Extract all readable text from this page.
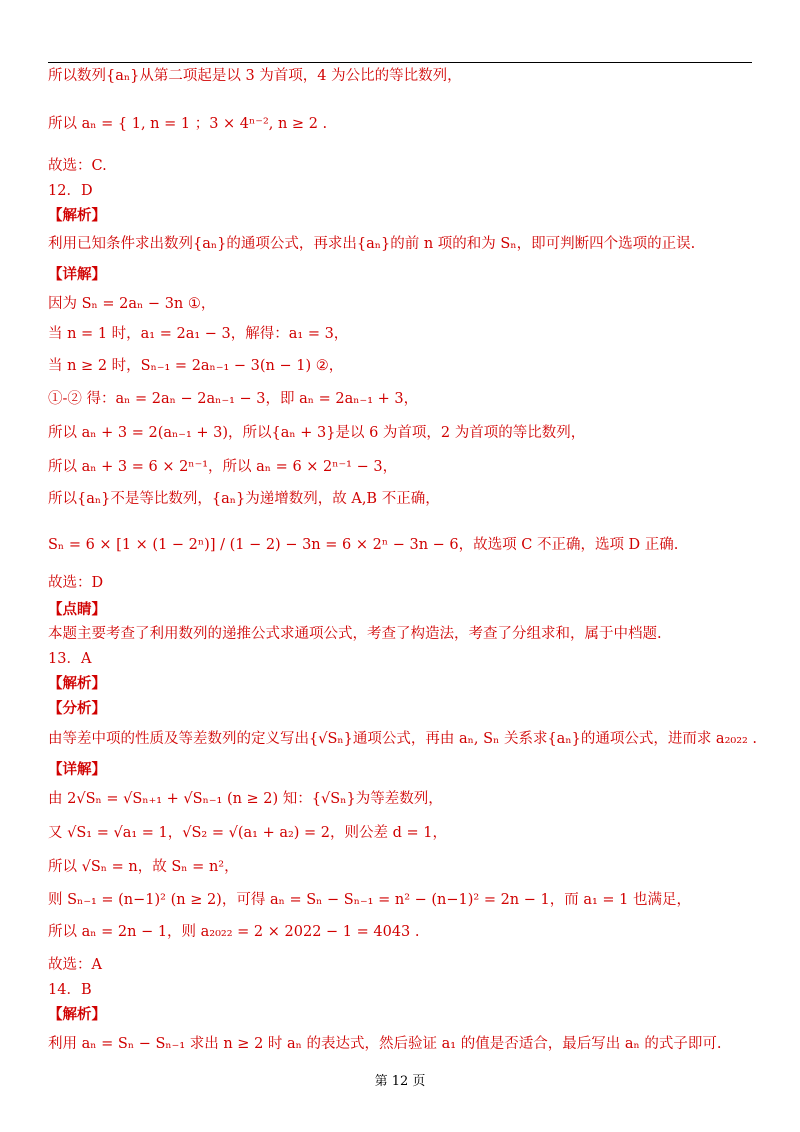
所以数列{aₙ}从第二项起是以 3 为首项，4 为公比的等比数列，
所以 aₙ = { 1, n = 1 ；3 × 4ⁿ⁻², n ≥ 2 .
故选：C.
12．D
【解析】
利用已知条件求出数列{aₙ}的通项公式，再求出{aₙ}的前 n 项的和为 Sₙ，即可判断四个选项的正误.
【详解】
因为 Sₙ = 2aₙ − 3n ①，
当 n = 1 时，a₁ = 2a₁ − 3，解得：a₁ = 3，
当 n ≥ 2 时，Sₙ₋₁ = 2aₙ₋₁ − 3(n − 1) ②，
①-② 得：aₙ = 2aₙ − 2aₙ₋₁ − 3，即 aₙ = 2aₙ₋₁ + 3，
所以 aₙ + 3 = 2(aₙ₋₁ + 3)，所以{aₙ + 3}是以 6 为首项，2 为首项的等比数列，
所以 aₙ + 3 = 6 × 2ⁿ⁻¹，所以 aₙ = 6 × 2ⁿ⁻¹ − 3，
所以{aₙ}不是等比数列，{aₙ}为递增数列，故 A,B 不正确，
Sₙ = 6 × [1 × (1 − 2ⁿ)] / (1 − 2) − 3n = 6 × 2ⁿ − 3n − 6，故选项 C 不正确，选项 D 正确.
故选：D
【点睛】
本题主要考查了利用数列的递推公式求通项公式，考查了构造法，考查了分组求和，属于中档题.
13．A
【解析】
【分析】
由等差中项的性质及等差数列的定义写出{√Sₙ}通项公式，再由 aₙ, Sₙ 关系求{aₙ}的通项公式，进而求 a₂₀₂₂ .
【详解】
由 2√Sₙ = √Sₙ₊₁ + √Sₙ₋₁ (n ≥ 2) 知：{√Sₙ}为等差数列，
又 √S₁ = √a₁ = 1，√S₂ = √(a₁ + a₂) = 2，则公差 d = 1，
所以 √Sₙ = n，故 Sₙ = n²，
则 Sₙ₋₁ = (n−1)² (n ≥ 2)，可得 aₙ = Sₙ − Sₙ₋₁ = n² − (n−1)² = 2n − 1，而 a₁ = 1 也满足，
所以 aₙ = 2n − 1，则 a₂₀₂₂ = 2 × 2022 − 1 = 4043 .
故选：A
14．B
【解析】
利用 aₙ = Sₙ − Sₙ₋₁ 求出 n ≥ 2 时 aₙ 的表达式，然后验证 a₁ 的值是否适合，最后写出 aₙ 的式子即可.
第 12 页
